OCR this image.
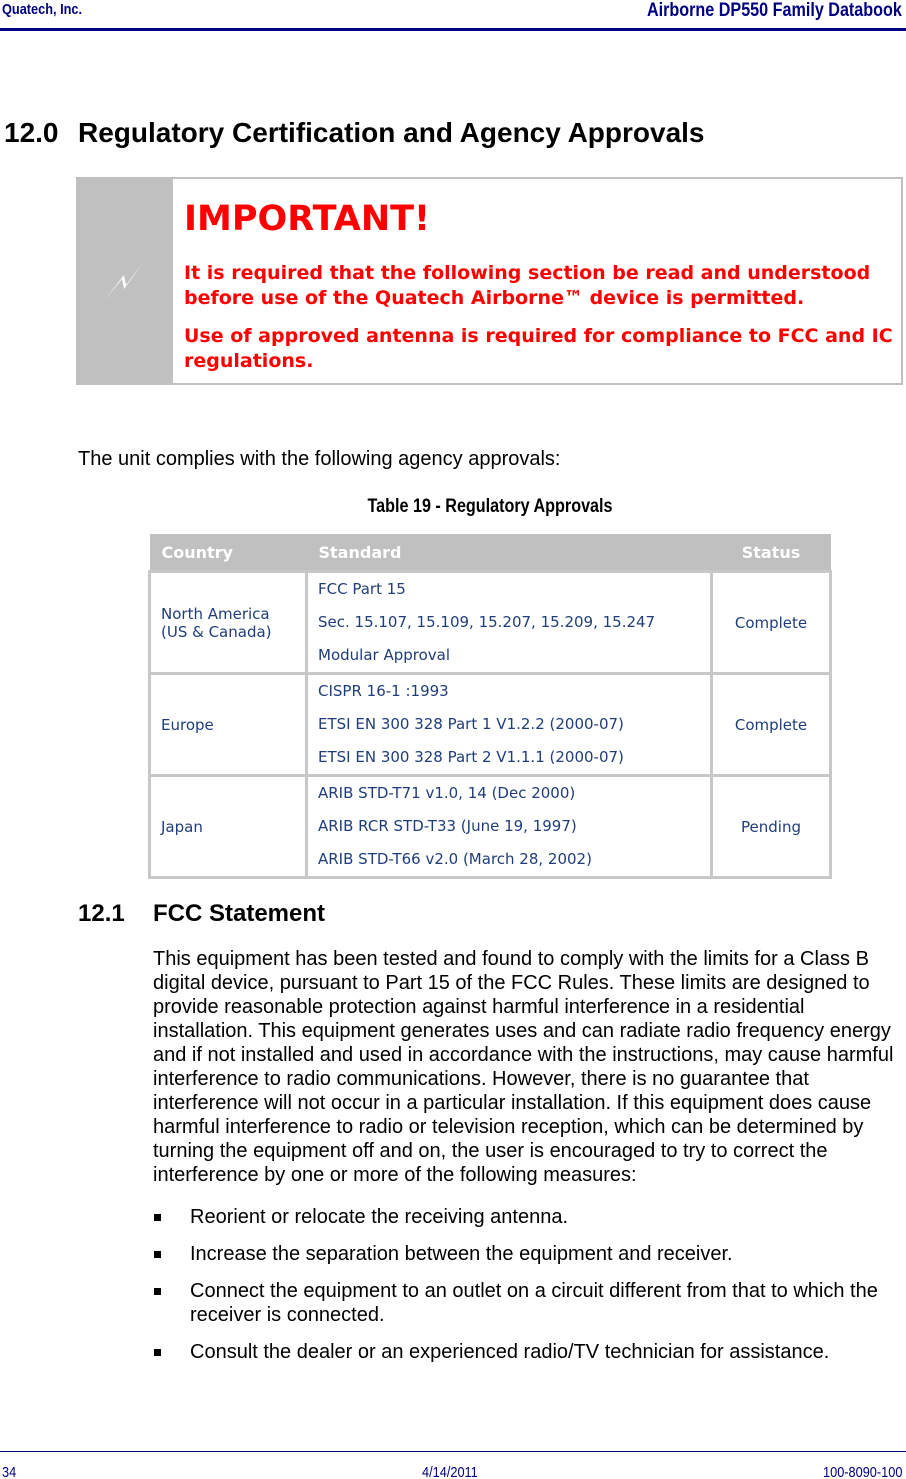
Quatech, Inc.	Airborne DP550 Family Databook
12.0 Regulatory Certification and Agency Approvals
IMPORTANT!
It is required that the following section be read and understood before use of the Quatech Airborne™ device is permitted.
Use of approved antenna is required for compliance to FCC and IC regulations.
The unit complies with the following agency approvals:
Table 19 - Regulatory Approvals
Country	Standard	Status
North America (US & Canada)	FCC Part 15
Sec. 15.107, 15.109, 15.207, 15.209, 15.247
Modular Approval	Complete
Europe	CISPR 16-1 :1993
ETSI EN 300 328 Part 1 V1.2.2 (2000-07)
ETSI EN 300 328 Part 2 V1.1.1 (2000-07)	Complete
Japan	ARIB STD-T71 v1.0, 14 (Dec 2000)
ARIB RCR STD-T33 (June 19, 1997)
ARIB STD-T66 v2.0 (March 28, 2002)	Pending
12.1 FCC Statement
This equipment has been tested and found to comply with the limits for a Class B digital device, pursuant to Part 15 of the FCC Rules. These limits are designed to provide reasonable protection against harmful interference in a residential installation. This equipment generates uses and can radiate radio frequency energy and if not installed and used in accordance with the instructions, may cause harmful interference to radio communications. However, there is no guarantee that interference will not occur in a particular installation. If this equipment does cause harmful interference to radio or television reception, which can be determined by turning the equipment off and on, the user is encouraged to try to correct the interference by one or more of the following measures:
Reorient or relocate the receiving antenna.
Increase the separation between the equipment and receiver.
Connect the equipment to an outlet on a circuit different from that to which the receiver is connected.
Consult the dealer or an experienced radio/TV technician for assistance.
34	4/14/2011	100-8090-100
